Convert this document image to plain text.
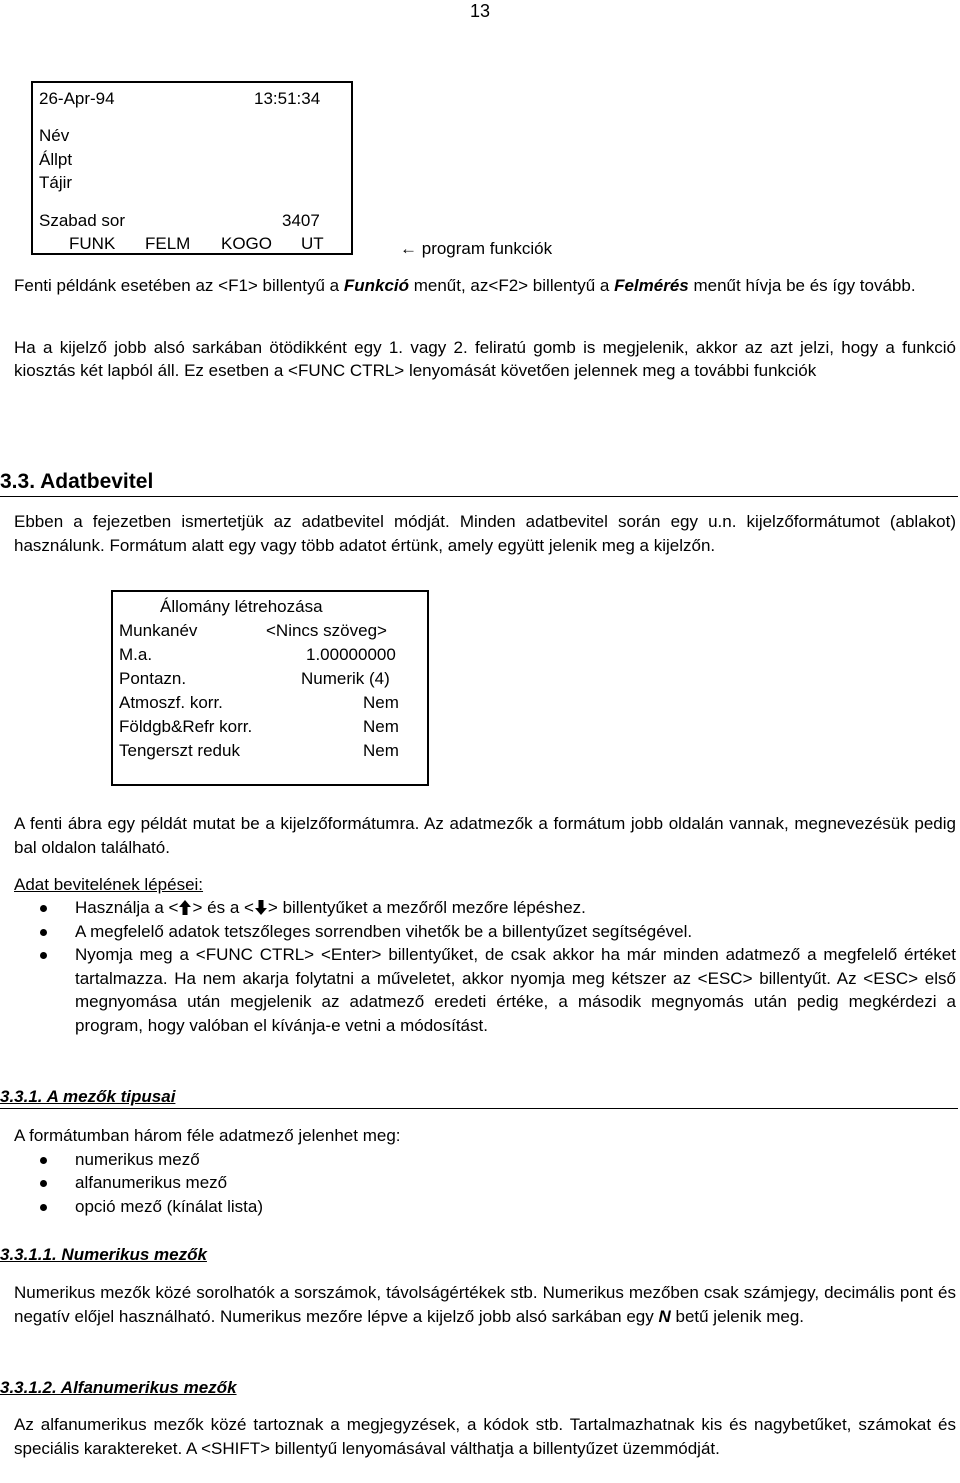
13
26-Apr-94	13:51:34
Név
Állpt
Tájir
Szabad sor	3407
FUNK FELM KOGO UT	← program funkciók
Fenti példánk esetében az <F1> billentyű a Funkció menűt, az<F2> billentyű a Felmérés menűt hívja be és így tovább.
Ha a kijelző jobb alsó sarkában ötödikként egy 1. vagy 2. feliratú gomb is megjelenik, akkor az azt jelzi, hogy a funkció kiosztás két lapból áll. Ez esetben a <FUNC CTRL> lenyomását követően jelennek meg a további funkciók
3.3. Adatbevitel
Ebben a fejezetben ismertetjük az adatbevitel módját. Minden adatbevitel során egy u.n. kijelzőformátumot (ablakot) használunk. Formátum alatt egy vagy több adatot értünk, amely együtt jelenik meg a kijelzőn.
Állomány létrehozása
Munkanév	<Nincs szöveg>
M.a.	1.00000000
Pontazn.	Numerik (4)
Atmoszf. korr.	Nem
Földgb&Refr korr.	Nem
Tengerszt reduk	Nem
A fenti ábra egy példát mutat be a kijelzőformátumra. Az adatmezők a formátum jobb oldalán vannak, megnevezésük pedig bal oldalon található.
Adat bevitelének lépései:
Használja a < > és a < > billentyűket a mezőről mezőre lépéshez.
A megfelelő adatok tetszőleges sorrendben vihetők be a billentyűzet segítségével.
Nyomja meg a <FUNC CTRL> <Enter> billentyűket, de csak akkor ha már minden adatmező a megfelelő értéket tartalmazza. Ha nem akarja folytatni a műveletet, akkor nyomja meg kétszer az <ESC> billentyűt. Az <ESC> első megnyomása után megjelenik az adatmező eredeti értéke, a második megnyomás után pedig megkérdezi a program, hogy valóban el kívánja-e vetni a módosítást.
3.3.1. A mezők tipusai
A formátumban három féle adatmező jelenhet meg:
numerikus mező
alfanumerikus mező
opció mező (kínálat lista)
3.3.1.1. Numerikus mezők
Numerikus mezők közé sorolhatók a sorszámok, távolságértékek stb. Numerikus mezőben csak számjegy, decimális pont és negatív előjel használható. Numerikus mezőre lépve a kijelző jobb alsó sarkában egy N betű jelenik meg.
3.3.1.2. Alfanumerikus mezők
Az alfanumerikus mezők közé tartoznak a megjegyzések, a kódok stb. Tartalmazhatnak kis és nagybetűket, számokat és speciális karaktereket. A <SHIFT> billentyű lenyomásával válthatja a billentyűzet üzemmódját.
